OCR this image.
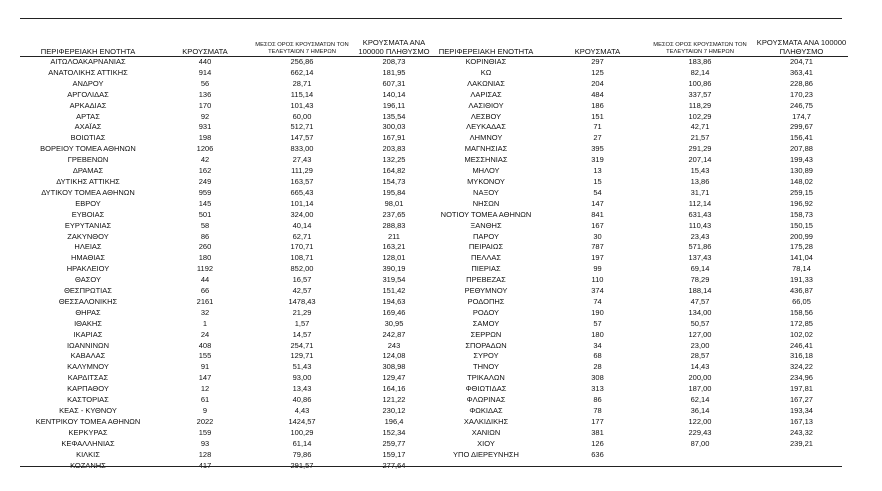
ΠΕΡΙΦΕΡΕΙΑΚΗ ΕΝΟΤΗΤΑ	ΚΡΟΥΣΜΑΤΑ	ΜΕΣΟΣ ΟΡΟΣ ΚΡΟΥΣΜΑΤΩΝ ΤΟΝ ΤΕΛΕΥΤΑΙΩΝ 7 ΗΜΕΡΩΝ	ΚΡΟΥΣΜΑΤΑ ΑΝΑ 100000 ΠΛΗΘΥΣΜΟ
ΑΙΤΩΛΟΑΚΑΡΝΑΝΙΑΣ	440	256,86	208,73
ΑΝΑΤΟΛΙΚΗΣ ΑΤΤΙΚΗΣ	914	662,14	181,95
ΑΝΔΡΟΥ	56	28,71	607,31
ΑΡΓΟΛΙΔΑΣ	136	115,14	140,14
ΑΡΚΑΔΙΑΣ	170	101,43	196,11
ΑΡΤΑΣ	92	60,00	135,54
ΑΧΑΪΑΣ	931	512,71	300,03
ΒΟΙΩΤΙΑΣ	198	147,57	167,91
ΒΟΡΕΙΟΥ ΤΟΜΕΑ ΑΘΗΝΩΝ	1206	833,00	203,83
ΓΡΕΒΕΝΩΝ	42	27,43	132,25
ΔΡΑΜΑΣ	162	111,29	164,82
ΔΥΤΙΚΗΣ ΑΤΤΙΚΗΣ	249	163,57	154,73
ΔΥΤΙΚΟΥ ΤΟΜΕΑ ΑΘΗΝΩΝ	959	665,43	195,84
ΕΒΡΟΥ	145	101,14	98,01
ΕΥΒΟΙΑΣ	501	324,00	237,65
ΕΥΡΥΤΑΝΙΑΣ	58	40,14	288,83
ΖΑΚΥΝΘΟΥ	86	62,71	211
ΗΛΕΙΑΣ	260	170,71	163,21
ΗΜΑΘΙΑΣ	180	108,71	128,01
ΗΡΑΚΛΕΙΟΥ	1192	852,00	390,19
ΘΑΣΟΥ	44	16,57	319,54
ΘΕΣΠΡΩΤΙΑΣ	66	42,57	151,42
ΘΕΣΣΑΛΟΝΙΚΗΣ	2161	1478,43	194,63
ΘΗΡΑΣ	32	21,29	169,46
ΙΘΑΚΗΣ	1	1,57	30,95
ΙΚΑΡΙΑΣ	24	14,57	242,87
ΙΩΑΝΝΙΝΩΝ	408	254,71	243
ΚΑΒΑΛΑΣ	155	129,71	124,08
ΚΑΛΥΜΝΟΥ	91	51,43	308,98
ΚΑΡΔΙΤΣΑΣ	147	93,00	129,47
ΚΑΡΠΑΘΟΥ	12	13,43	164,16
ΚΑΣΤΟΡΙΑΣ	61	40,86	121,22
ΚΕΑΣ - ΚΥΘΝΟΥ	9	4,43	230,12
ΚΕΝΤΡΙΚΟΥ ΤΟΜΕΑ ΑΘΗΝΩΝ	2022	1424,57	196,4
ΚΕΡΚΥΡΑΣ	159	100,29	152,34
ΚΕΦΑΛΛΗΝΙΑΣ	93	61,14	259,77
ΚΙΛΚΙΣ	128	79,86	159,17
ΚΟΖΑΝΗΣ	417	291,57	277,64
ΠΕΡΙΦΕΡΕΙΑΚΗ ΕΝΟΤΗΤΑ	ΚΡΟΥΣΜΑΤΑ	ΜΕΣΟΣ ΟΡΟΣ ΚΡΟΥΣΜΑΤΩΝ ΤΟΝ ΤΕΛΕΥΤΑΙΩΝ 7 ΗΜΕΡΩΝ	ΚΡΟΥΣΜΑΤΑ ΑΝΑ 100000 ΠΛΗΘΥΣΜΟ
ΚΟΡΙΝΘΙΑΣ	297	183,86	204,71
ΚΩ	125	82,14	363,41
ΛΑΚΩΝΙΑΣ	204	100,86	228,86
ΛΑΡΙΣΑΣ	484	337,57	170,23
ΛΑΣΙΘΙΟΥ	186	118,29	246,75
ΛΕΣΒΟΥ	151	102,29	174,7
ΛΕΥΚΑΔΑΣ	71	42,71	299,67
ΛΗΜΝΟΥ	27	21,57	156,41
ΜΑΓΝΗΣΙΑΣ	395	291,29	207,88
ΜΕΣΣΗΝΙΑΣ	319	207,14	199,43
ΜΗΛΟΥ	13	15,43	130,89
ΜΥΚΟΝΟΥ	15	13,86	148,02
ΝΑΞΟΥ	54	31,71	259,15
ΝΗΣΩΝ	147	112,14	196,92
ΝΟΤΙΟΥ ΤΟΜΕΑ ΑΘΗΝΩΝ	841	631,43	158,73
ΞΑΝΘΗΣ	167	110,43	150,15
ΠΑΡΟΥ	30	23,43	200,99
ΠΕΙΡΑΙΩΣ	787	571,86	175,28
ΠΕΛΛΑΣ	197	137,43	141,04
ΠΙΕΡΙΑΣ	99	69,14	78,14
ΠΡΕΒΕΖΑΣ	110	78,29	191,33
ΡΕΘΥΜΝΟΥ	374	188,14	436,87
ΡΟΔΟΠΗΣ	74	47,57	66,05
ΡΟΔΟΥ	190	134,00	158,56
ΣΑΜΟΥ	57	50,57	172,85
ΣΕΡΡΩΝ	180	127,00	102,02
ΣΠΟΡΑΔΩΝ	34	23,00	246,41
ΣΥΡΟΥ	68	28,57	316,18
ΤΗΝΟΥ	28	14,43	324,22
ΤΡΙΚΑΛΩΝ	308	200,00	234,96
ΦΘΙΩΤΙΔΑΣ	313	187,00	197,81
ΦΛΩΡΙΝΑΣ	86	62,14	167,27
ΦΩΚΙΔΑΣ	78	36,14	193,34
ΧΑΛΚΙΔΙΚΗΣ	177	122,00	167,13
ΧΑΝΙΩΝ	381	229,43	243,32
ΧΙΟΥ	126	87,00	239,21
ΥΠΟ ΔΙΕΡΕΥΝΗΣΗ	636		
